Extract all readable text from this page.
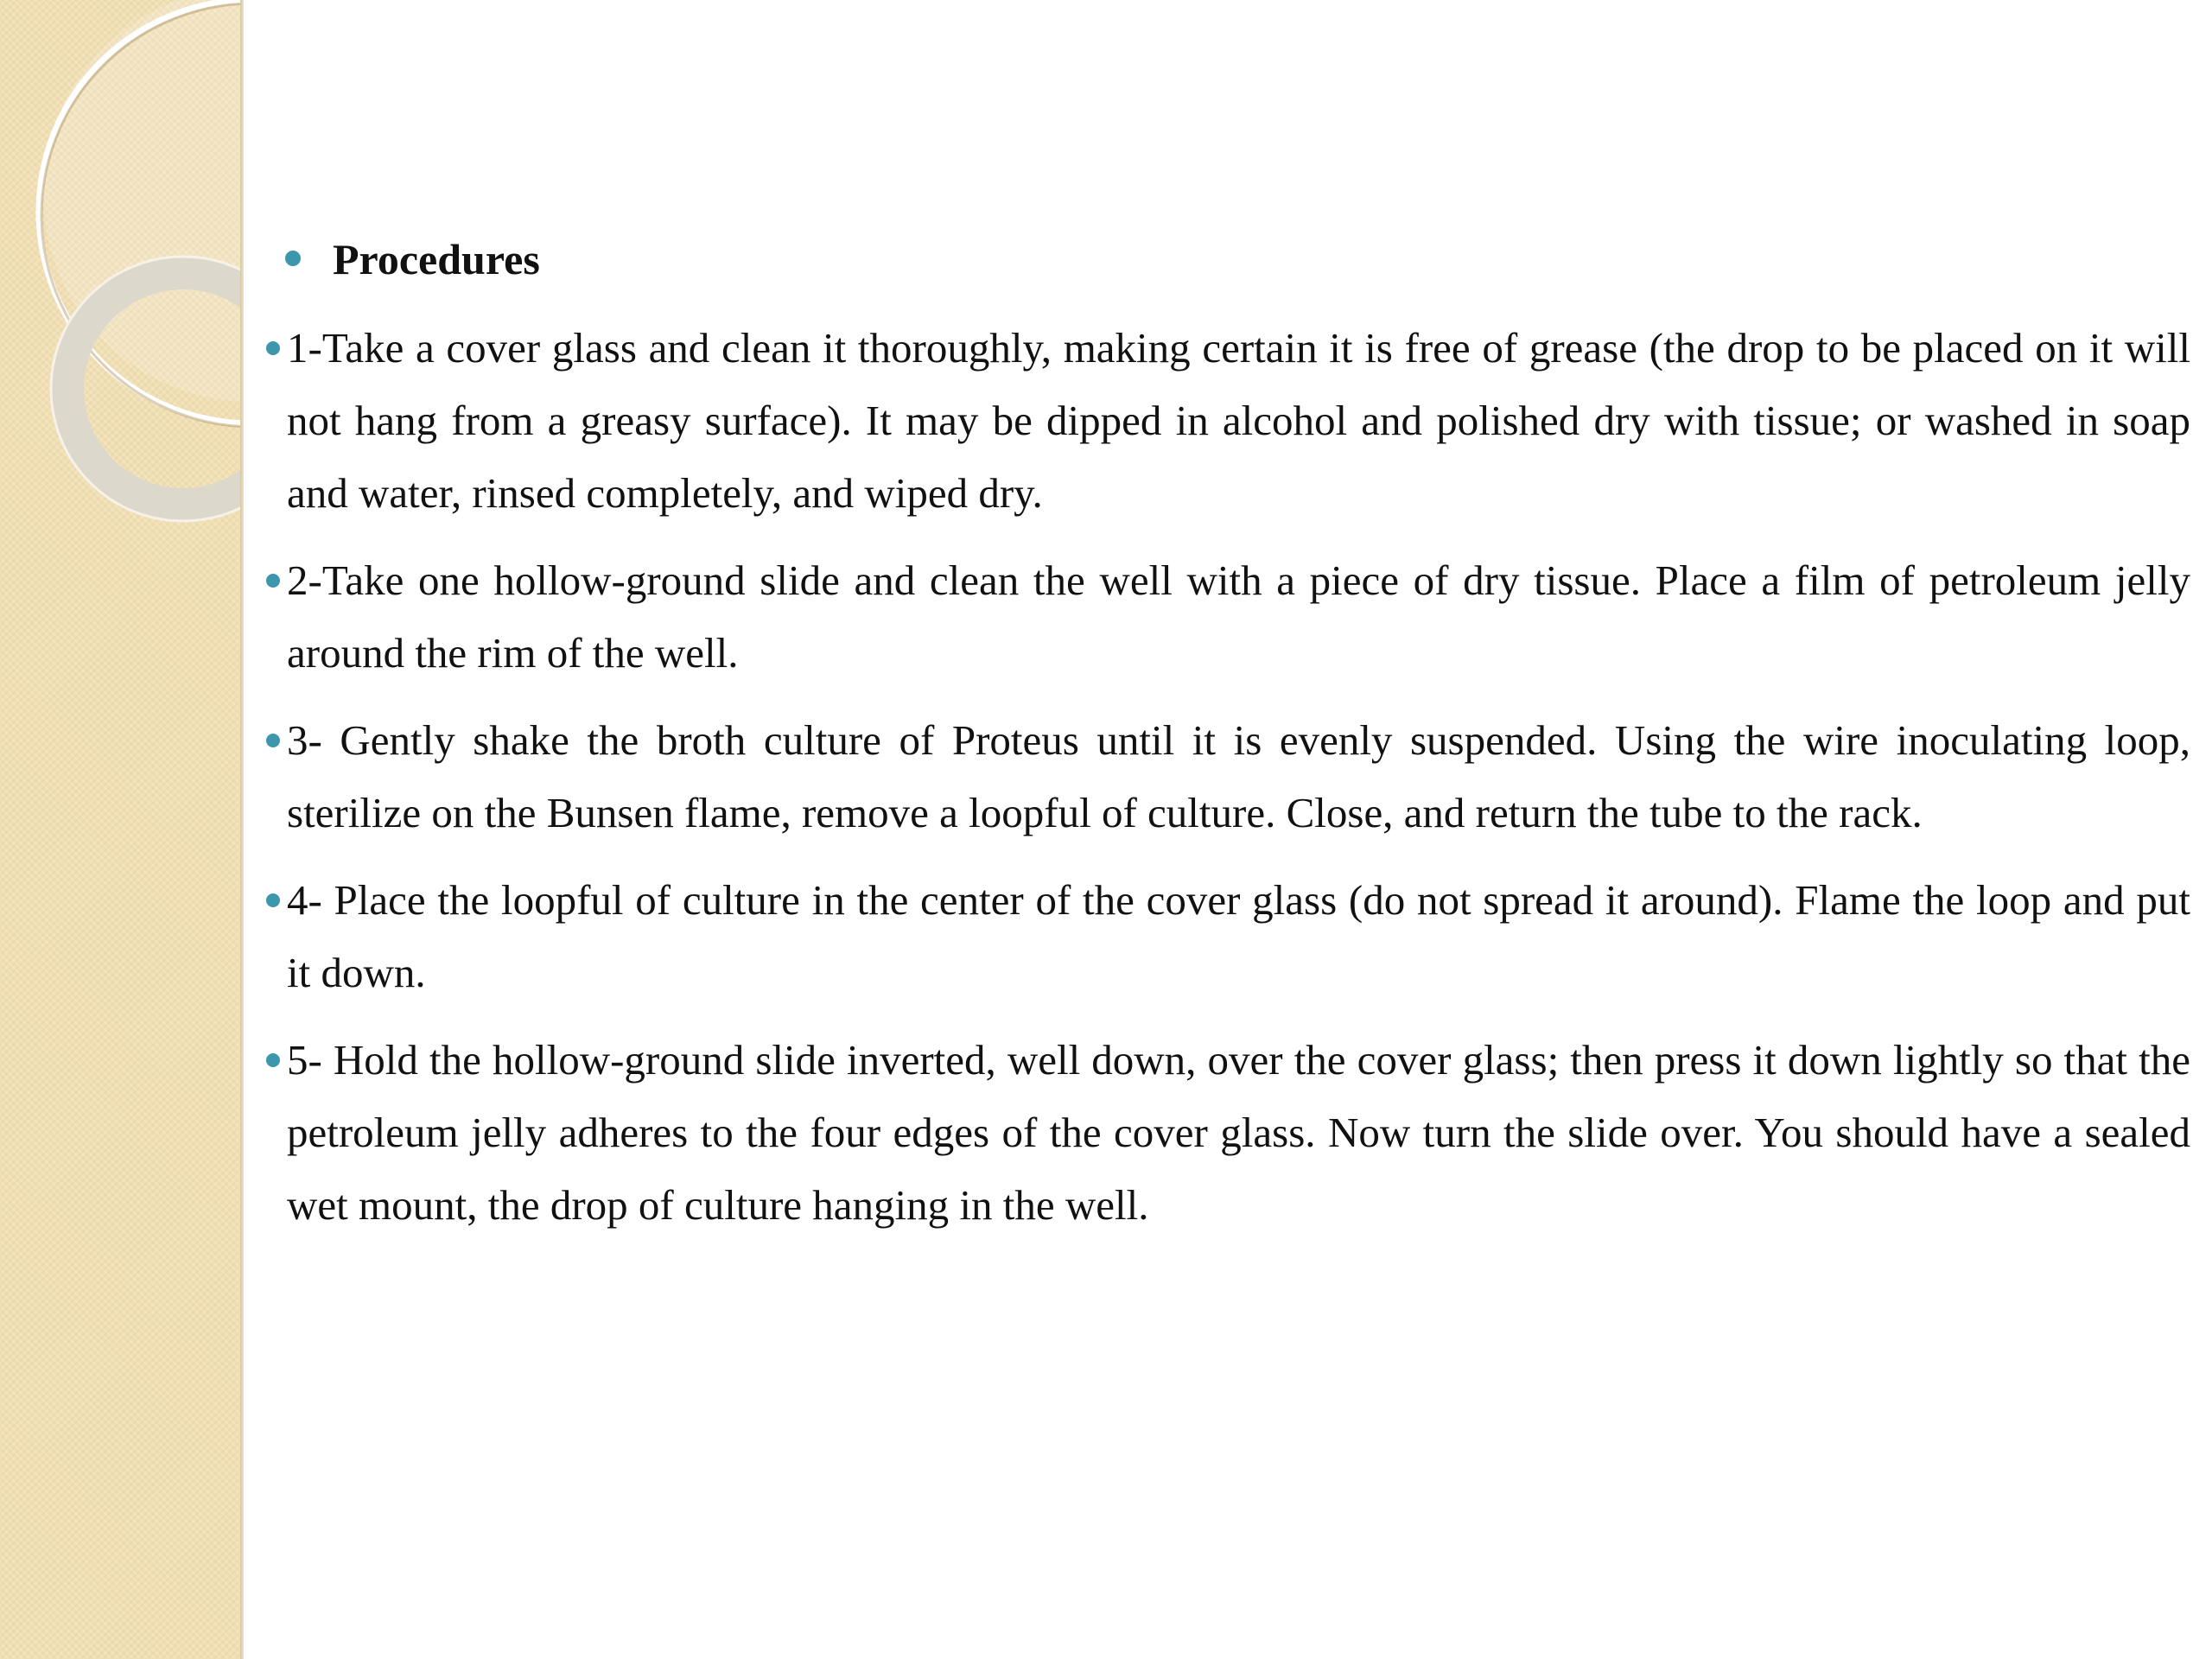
Procedures
1-Take a cover glass and clean it thoroughly, making certain it is free of grease (the drop to be placed on it will not hang from a greasy surface). It may be dipped in alcohol and polished dry with tissue; or washed in soap and water, rinsed completely, and wiped dry.
2-Take one hollow-ground slide and clean the well with a piece of dry tissue. Place a film of petroleum jelly around the rim of the well.
3- Gently shake the broth culture of Proteus until it is evenly suspended. Using the wire inoculating loop, sterilize on the Bunsen flame, remove a loopful of culture. Close, and return the tube to the rack.
4- Place the loopful of culture in the center of the cover glass (do not spread it around). Flame the loop and put it down.
5- Hold the hollow-ground slide inverted, well down, over the cover glass; then press it down lightly so that the petroleum jelly adheres to the four edges of the cover glass. Now turn the slide over. You should have a sealed wet mount, the drop of culture hanging in the well.
